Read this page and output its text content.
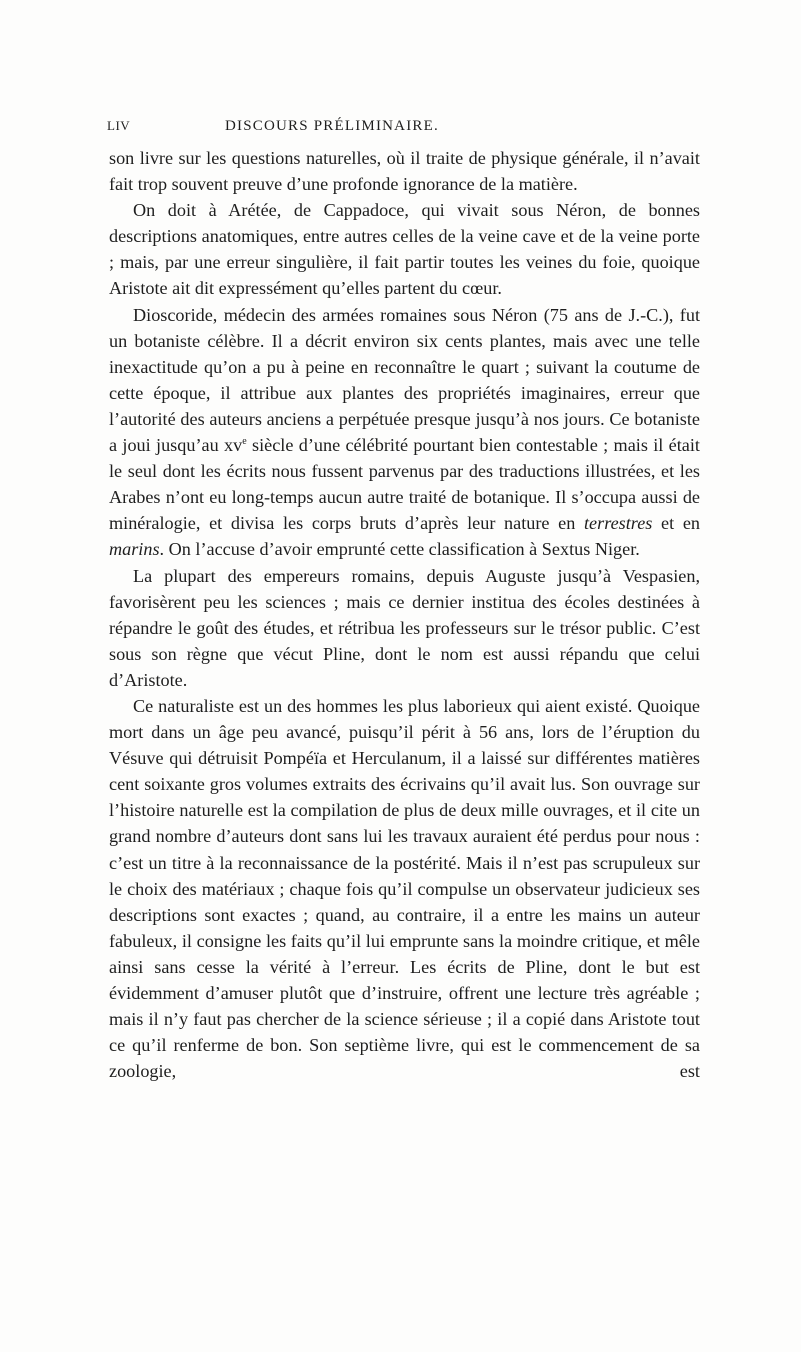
LIV	DISCOURS PRÉLIMINAIRE.

son livre sur les questions naturelles, où il traite de physique générale, il n’avait fait trop souvent preuve d’une profonde ignorance de la matière.

On doit à Arétée, de Cappadoce, qui vivait sous Néron, de bonnes descriptions anatomiques, entre autres celles de la veine cave et de la veine porte ; mais, par une erreur singulière, il fait partir toutes les veines du foie, quoique Aristote ait dit expressément qu’elles partent du cœur.

Dioscoride, médecin des armées romaines sous Néron (75 ans de J.-C.), fut un botaniste célèbre. Il a décrit environ six cents plantes, mais avec une telle inexactitude qu’on a pu à peine en reconnaître le quart ; suivant la coutume de cette époque, il attribue aux plantes des propriétés imaginaires, erreur que l’autorité des auteurs anciens a perpétuée presque jusqu’à nos jours. Ce botaniste a joui jusqu’au $xv^e$ siècle d’une célébrité pourtant bien contestable ; mais il était le seul dont les écrits nous fussent parvenus par des traductions illustrées, et les Arabes n’ont eu long-temps aucun autre traité de botanique. Il s’occupa aussi de minéralogie, et divisa les corps bruts d’après leur nature en terrestres et en marins. On l’accuse d’avoir emprunté cette classification à Sextus Niger.

La plupart des empereurs romains, depuis Auguste jusqu’à Vespasien, favorisèrent peu les sciences ; mais ce dernier institua des écoles destinées à répandre le goût des études, et rétribua les professeurs sur le trésor public. C’est sous son règne que vécut Pline, dont le nom est aussi répandu que celui d’Aristote.

Ce naturaliste est un des hommes les plus laborieux qui aient existé. Quoique mort dans un âge peu avancé, puisqu’il périt à 56 ans, lors de l’éruption du Vésuve qui détruisit Pompéïa et Herculanum, il a laissé sur différentes matières cent soixante gros volumes extraits des écrivains qu’il avait lus. Son ouvrage sur l’histoire naturelle est la compilation de plus de deux mille ouvrages, et il cite un grand nombre d’auteurs dont sans lui les travaux auraient été perdus pour nous : c’est un titre à la reconnaissance de la postérité. Mais il n’est pas scrupuleux sur le choix des matériaux ; chaque fois qu’il compulse un observateur judicieux ses descriptions sont exactes ; quand, au contraire, il a entre les mains un auteur fabuleux, il consigne les faits qu’il lui emprunte sans la moindre critique, et mêle ainsi sans cesse la vérité à l’erreur. Les écrits de Pline, dont le but est évidemment d’amuser plutôt que d’instruire, offrent une lecture très agréable ; mais il n’y faut pas chercher de la science sérieuse ; il a copié dans Aristote tout ce qu’il renferme de bon. Son septième livre, qui est le commencement de sa zoologie, est
